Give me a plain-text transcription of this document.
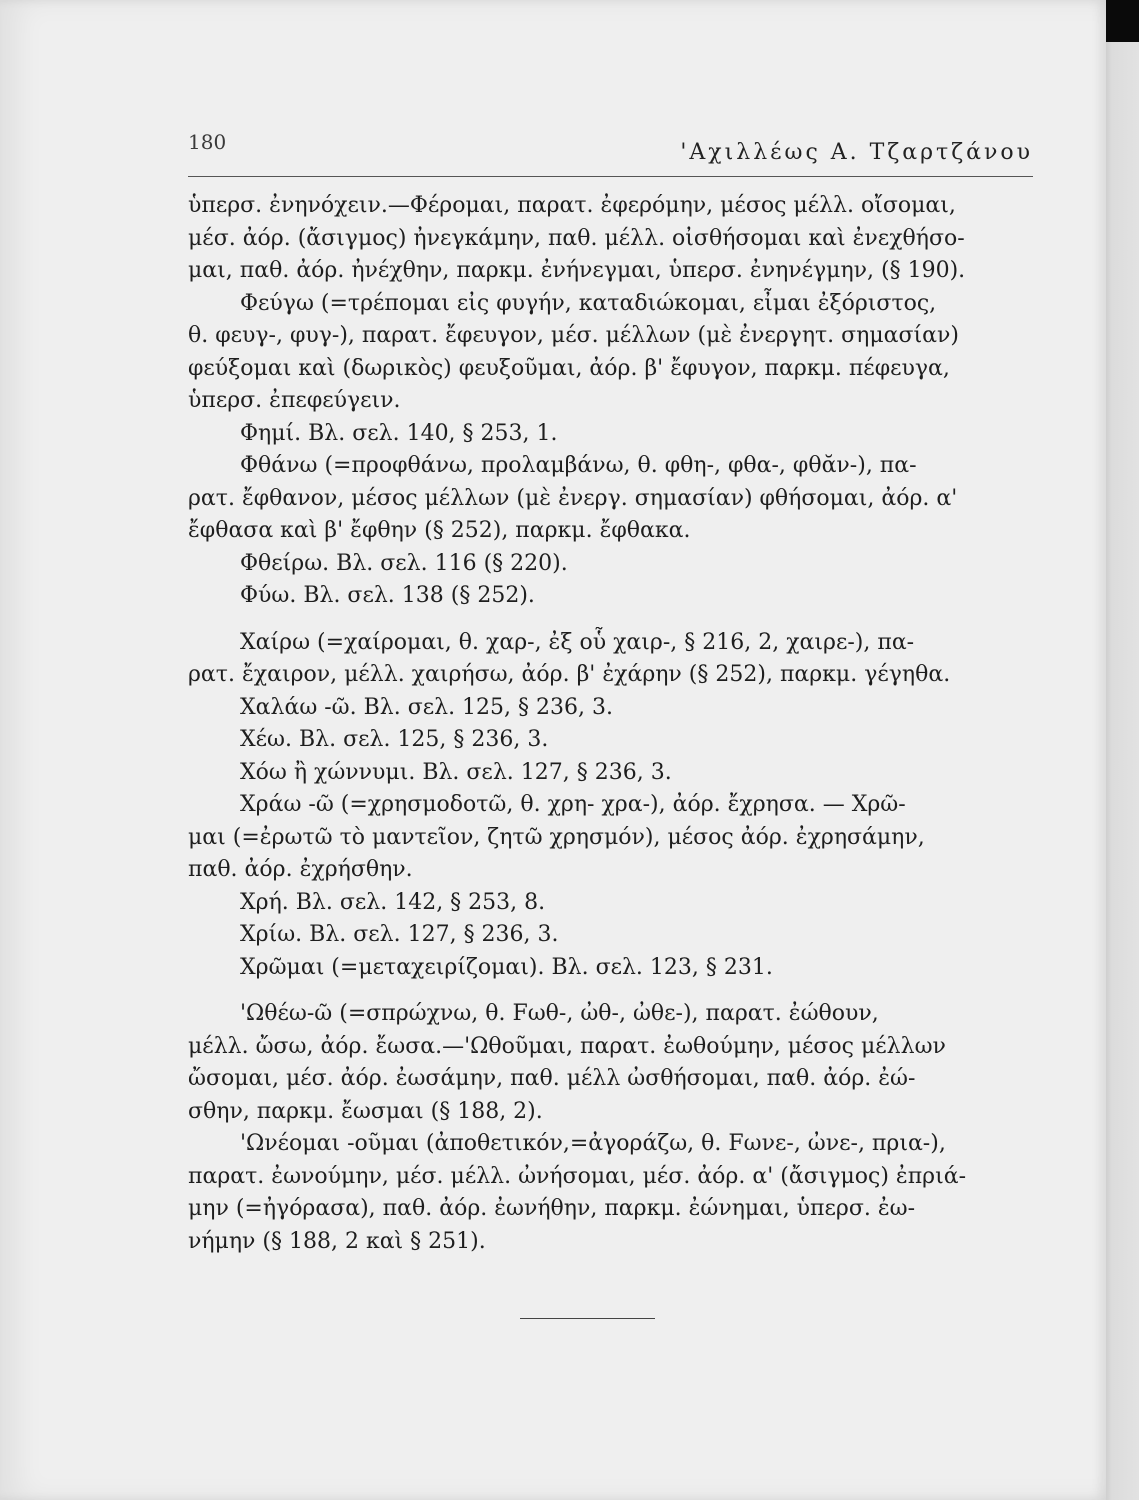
180	'Αχιλλέως Α. Τζαρτζάνου
ὑπερσ. ἐνηνόχειν.—Φέρομαι, παρατ. ἐφερόμην, μέσος μέλλ. οἴσομαι,
μέσ. ἀόρ. (ἄσιγμος) ἠνεγκάμην, παθ. μέλλ. οἰσθήσομαι καὶ ἐνεχθήσο-
μαι, παθ. ἀόρ. ἠνέχθην, παρκμ. ἐνήνεγμαι, ὑπερσ. ἐνηνέγμην, (§ 190).
Φεύγω (=τρέπομαι εἰς φυγήν, καταδιώκομαι, εἶμαι ἐξόριστος,
θ. φευγ-, φυγ-), παρατ. ἔφευγον, μέσ. μέλλων (μὲ ἐνεργητ. σημασίαν)
φεύξομαι καὶ (δωρικὸς) φευξοῦμαι, ἀόρ. β' ἔφυγον, παρκμ. πέφευγα,
ὑπερσ. ἐπεφεύγειν.
Φημί. Βλ. σελ. 140, § 253, 1.
Φθάνω (=προφθάνω, προλαμβάνω, θ. φθη-, φθα-, φθᾰν-), πα-
ρατ. ἔφθανον, μέσος μέλλων (μὲ ἐνεργ. σημασίαν) φθήσομαι, ἀόρ. α'
ἔφθασα καὶ β' ἔφθην (§ 252), παρκμ. ἔφθακα.
Φθείρω. Βλ. σελ. 116 (§ 220).
Φύω. Βλ. σελ. 138 (§ 252).
Χαίρω (=χαίρομαι, θ. χαρ-, ἐξ οὗ χαιρ-, § 216, 2, χαιρε-), πα-
ρατ. ἔχαιρον, μέλλ. χαιρήσω, ἀόρ. β' ἐχάρην (§ 252), παρκμ. γέγηθα.
Χαλάω -ῶ. Βλ. σελ. 125, § 236, 3.
Χέω. Βλ. σελ. 125, § 236, 3.
Χόω ἢ χώννυμι. Βλ. σελ. 127, § 236, 3.
Χράω -ῶ (=χρησμοδοτῶ, θ. χρη- χρα-), ἀόρ. ἔχρησα. — Χρῶ-
μαι (=ἐρωτῶ τὸ μαντεῖον, ζητῶ χρησμόν), μέσος ἀόρ. ἐχρησάμην,
παθ. ἀόρ. ἐχρήσθην.
Χρή. Βλ. σελ. 142, § 253, 8.
Χρίω. Βλ. σελ. 127, § 236, 3.
Χρῶμαι (=μεταχειρίζομαι). Βλ. σελ. 123, § 231.
'Ωθέω-ῶ (=σπρώχνω, θ. Fωθ-, ὠθ-, ὠθε-), παρατ. ἐώθουν,
μέλλ. ὤσω, ἀόρ. ἔωσα.—'Ωθοῦμαι, παρατ. ἐωθούμην, μέσος μέλλων
ὤσομαι, μέσ. ἀόρ. ἐωσάμην, παθ. μέλλ ὠσθήσομαι, παθ. ἀόρ. ἐώ-
σθην, παρκμ. ἔωσμαι (§ 188, 2).
'Ωνέομαι -οῦμαι (ἀποθετικόν,=ἀγοράζω, θ. Fωνε-, ὠνε-, πρια-),
παρατ. ἐωνούμην, μέσ. μέλλ. ὠνήσομαι, μέσ. ἀόρ. α' (ἄσιγμος) ἐπριά-
μην (=ἠγόρασα), παθ. ἀόρ. ἐωνήθην, παρκμ. ἐώνημαι, ὑπερσ. ἐω-
νήμην (§ 188, 2 καὶ § 251).
